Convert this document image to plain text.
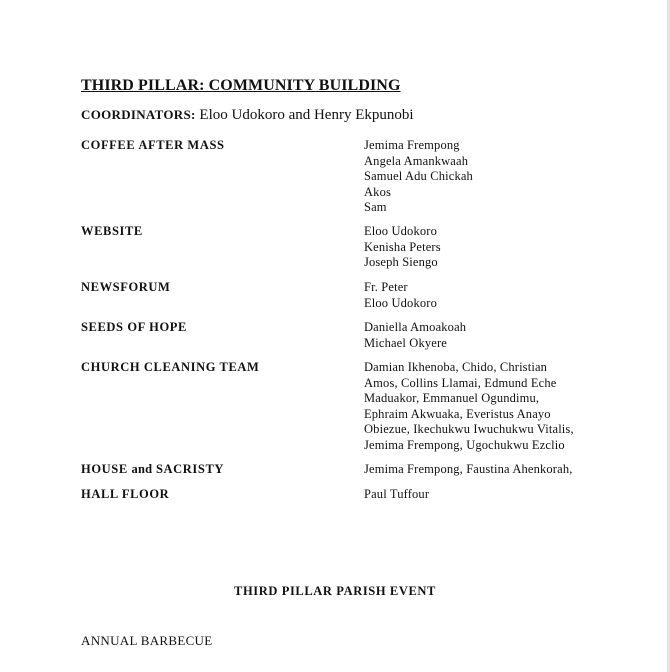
THIRD PILLAR: COMMUNITY BUILDING
COORDINATORS: Eloo Udokoro and Henry Ekpunobi
COFFEE AFTER MASS	Jemima Frempong
Angela Amankwaah
Samuel Adu Chickah
Akos
Sam
WEBSITE	Eloo Udokoro
Kenisha Peters
Joseph Siengo
NEWSFORUM	Fr. Peter
Eloo Udokoro
SEEDS OF HOPE	Daniella Amoakoah
Michael Okyere
CHURCH CLEANING TEAM	Damian Ikhenoba, Chido, Christian
Amos, Collins Llamai, Edmund Eche
Maduakor, Emmanuel Ogundimu,
Ephraim Akwuaka, Everistus Anayo
Obiezue, Ikechukwu Iwuchukwu Vitalis,
Jemima Frempong, Ugochukwu Ezclio
HOUSE and SACRISTY	Jemima Frempong, Faustina Ahenkorah,
HALL FLOOR	Paul Tuffour
THIRD PILLAR PARISH EVENT
ANNUAL BARBECUE
